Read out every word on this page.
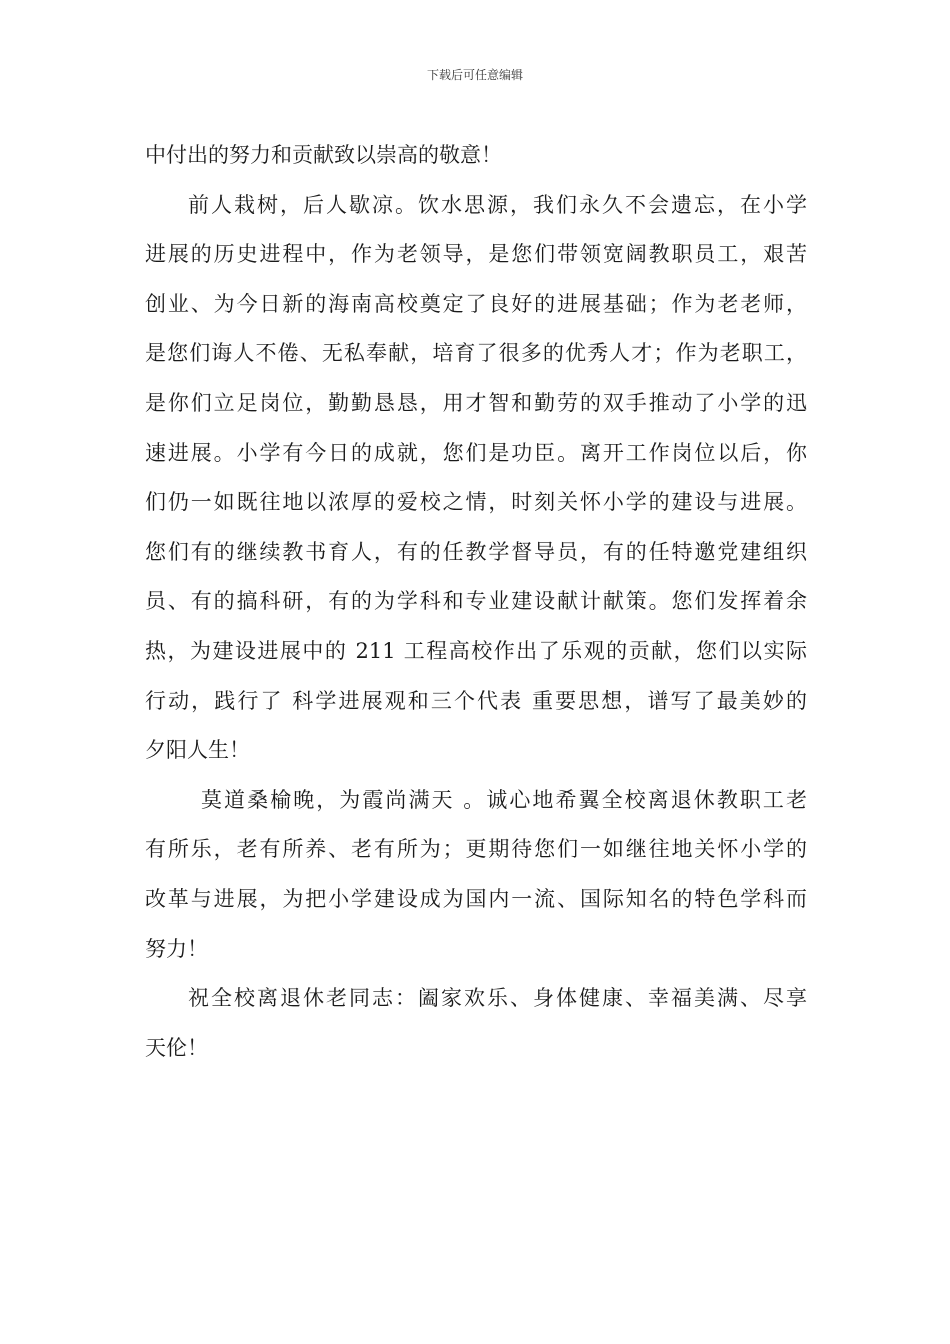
下载后可任意编辑
中付出的努力和贡献致以崇高的敬意！
前人栽树，后人歇凉。饮水思源，我们永久不会遗忘，在小学
进展的历史进程中，作为老领导，是您们带领宽阔教职员工，艰苦
创业、为今日新的海南高校奠定了良好的进展基础；作为老老师，
是您们诲人不倦、无私奉献，培育了很多的优秀人才；作为老职工，
是你们立足岗位，勤勤恳恳，用才智和勤劳的双手推动了小学的迅
速进展。小学有今日的成就，您们是功臣。离开工作岗位以后，你
们仍一如既往地以浓厚的爱校之情，时刻关怀小学的建设与进展。
您们有的继续教书育人，有的任教学督导员，有的任特邀党建组织
员、有的搞科研，有的为学科和专业建设献计献策。您们发挥着余
热，为建设进展中的 211 工程高校作出了乐观的贡献，您们以实际
行动，践行了 科学进展观和三个代表 重要思想，谱写了最美妙的
夕阳人生！
莫道桑榆晚，为霞尚满天 。诚心地希翼全校离退休教职工老
有所乐，老有所养、老有所为；更期待您们一如继往地关怀小学的
改革与进展，为把小学建设成为国内一流、国际知名的特色学科而
努力！
祝全校离退休老同志：阖家欢乐、身体健康、幸福美满、尽享
天伦！
